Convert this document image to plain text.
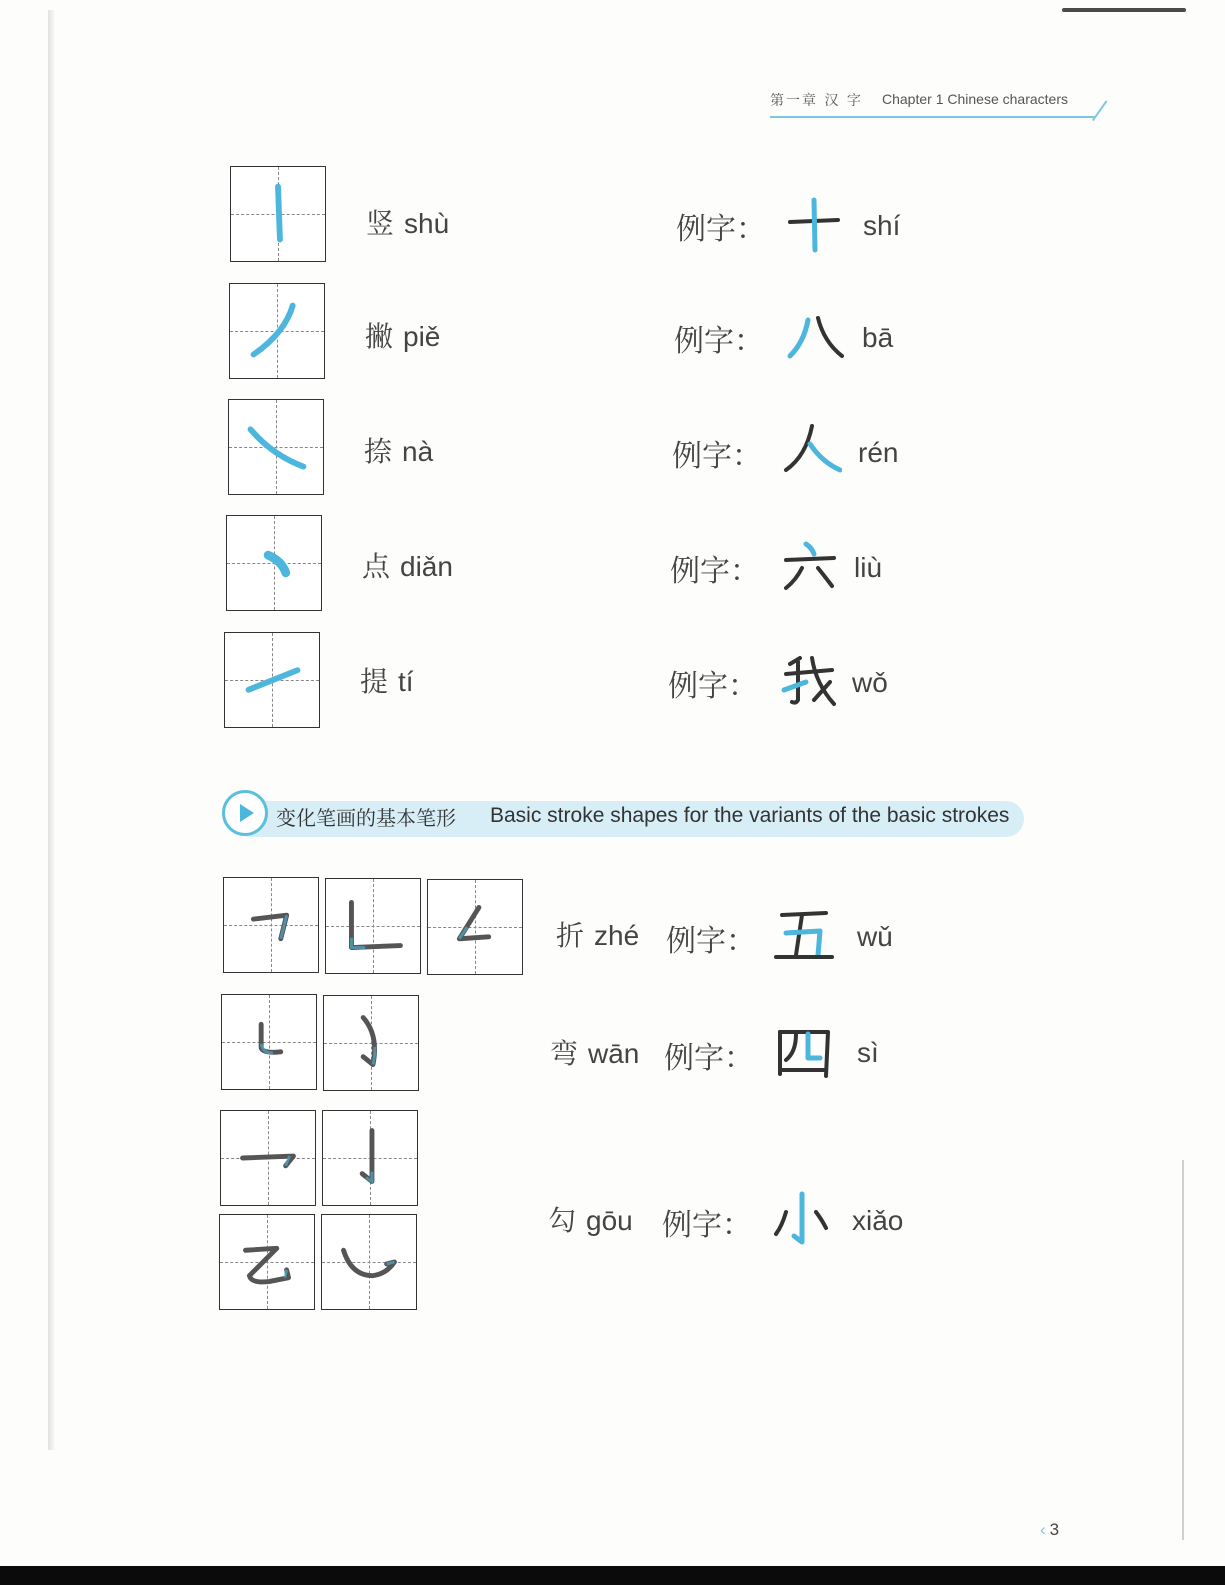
第一章 汉 字 Chapter 1 Chinese characters
竖 shù	例字：	shí
撇 piě	例字：	bā
捺 nà	例字：	rén
点 diǎn	例字：	liù
提 tí	例字：	wǒ
变化笔画的基本笔形 Basic stroke shapes for the variants of the basic strokes
折 zhé 例字：	wǔ
弯 wān 例字：	sì
勾 gōu 例字：	xiǎo
‹ 3
